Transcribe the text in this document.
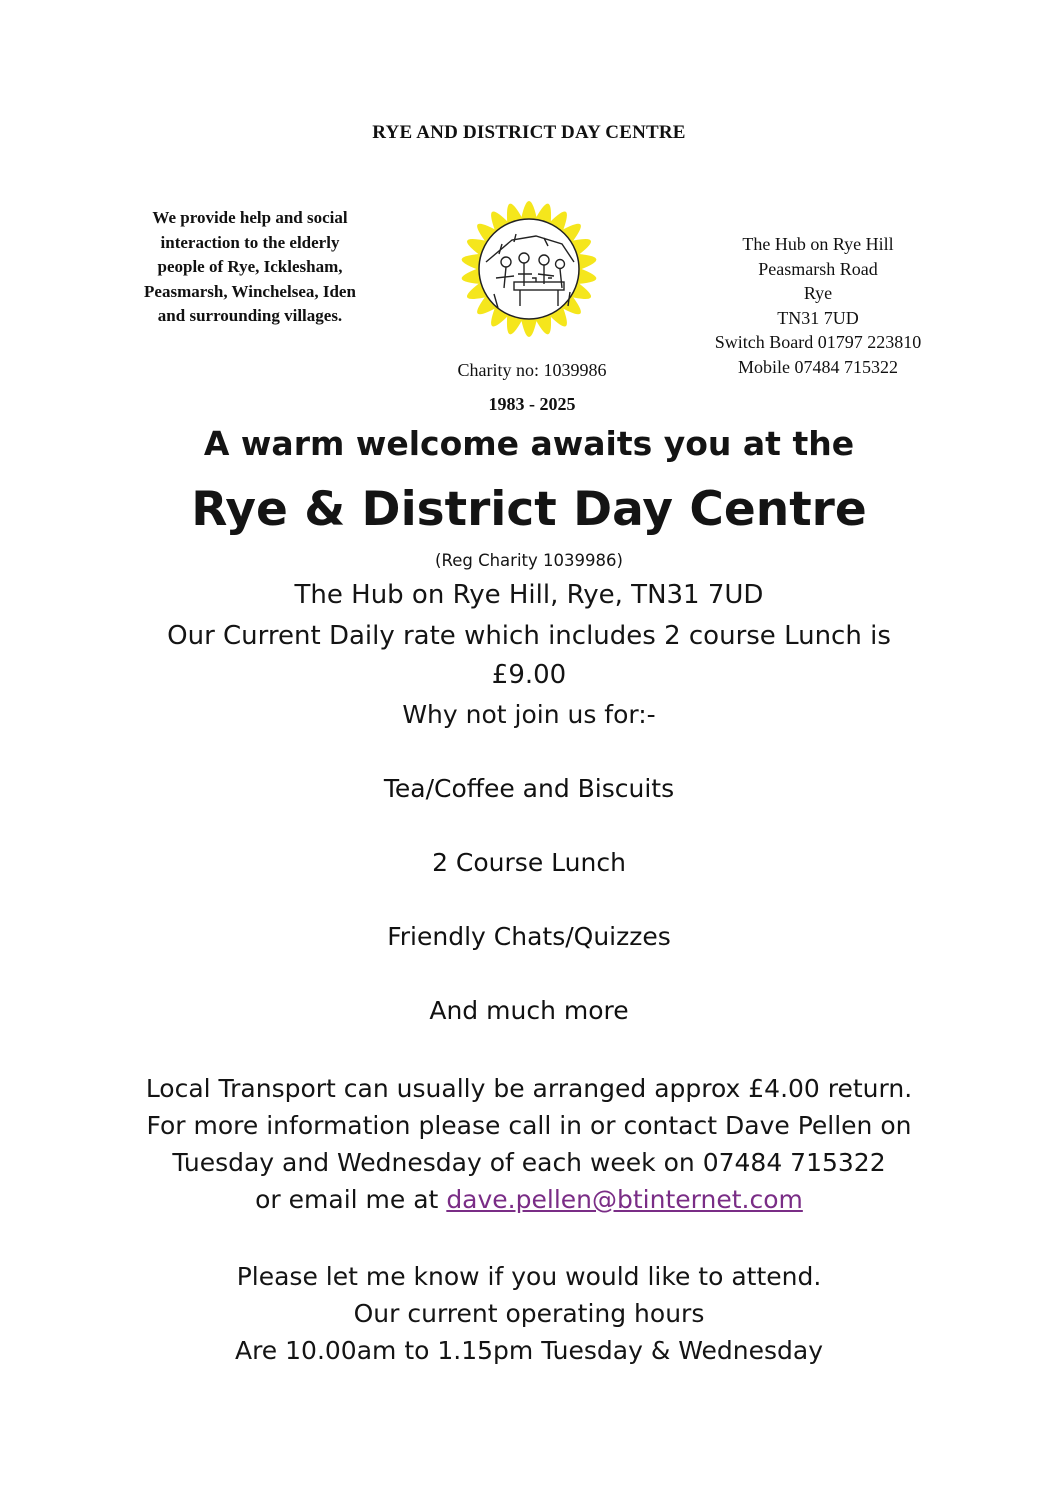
RYE AND DISTRICT DAY CENTRE
We provide help and social
interaction to the elderly
people of Rye, Icklesham,
Peasmarsh, Winchelsea, Iden
and surrounding villages.
The Hub on Rye Hill
Peasmarsh Road
Rye
TN31 7UD
Switch Board 01797 223810
Mobile 07484 715322
Charity no: 1039986
1983 - 2025
A warm welcome awaits you at the
Rye & District Day Centre
(Reg Charity 1039986)
The Hub on Rye Hill, Rye, TN31 7UD
Our Current Daily rate which includes 2 course Lunch is
£9.00
Why not join us for:-
Tea/Coffee and Biscuits
2 Course Lunch
Friendly Chats/Quizzes
And much more
Local Transport can usually be arranged approx £4.00 return.
For more information please call in or contact Dave Pellen on
Tuesday and Wednesday of each week on 07484 715322
or email me at dave.pellen@btinternet.com
Please let me know if you would like to attend.
Our current operating hours
Are 10.00am to 1.15pm Tuesday & Wednesday
